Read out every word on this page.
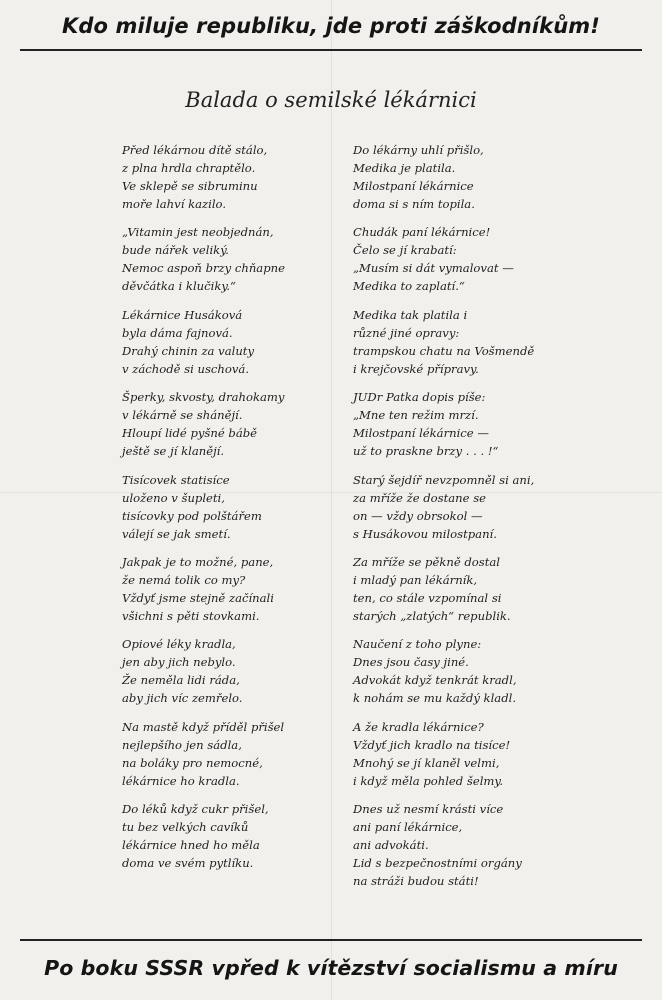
Kdo miluje republiku, jde proti záškodníkům!
Balada o semilské lékárnici
Před lékárnou dítě stálo,
z plna hrdla chraptělo.
Ve sklepě se sibruminu
moře lahví kazilo.
„Vitamin jest neobjednán,
bude nářek veliký.
Nemoc aspoň brzy chňapne
děvčátka i klučiky.“
Lékárnice Husáková
byla dáma fajnová.
Drahý chinin za valuty
v záchodě si uschová.
Šperky, skvosty, drahokamy
v lékárně se shánějí.
Hloupí lidé pyšné bábě
ještě se jí klanějí.
Tisícovek statisíce
uloženo v šupleti,
tisícovky pod polštářem
válejí se jak smetí.
Jakpak je to možné, pane,
že nemá tolik co my?
Vždyť jsme stejně začínali
všichni s pěti stovkami.
Opiové léky kradla,
jen aby jich nebylo.
Že neměla lidi ráda,
aby jich víc zemřelo.
Na mastě když příděl přišel
nejlepšího jen sádla,
na boláky pro nemocné,
lékárnice ho kradla.
Do léků když cukr přišel,
tu bez velkých cavíků
lékárnice hned ho měla
doma ve svém pytlíku.
Do lékárny uhlí přišlo,
Medika je platila.
Milostpaní lékárnice
doma si s ním topila.
Chudák paní lékárnice!
Čelo se jí krabatí:
„Musím si dát vymalovat —
Medika to zaplatí.“
Medika tak platila i
různé jiné opravy:
trampskou chatu na Vošmendě
i krejčovské přípravy.
JUDr Patka dopis píše:
„Mne ten režim mrzí.
Milostpaní lékárnice —
už to praskne brzy . . . !“
Starý šejdíř nevzpomněl si ani,
za mříže že dostane se
on — vždy obrsokol —
s Husákovou milostpaní.
Za mříže se pěkně dostal
i mladý pan lékárník,
ten, co stále vzpomínal si
starých „zlatých“ republik.
Naučení z toho plyne:
Dnes jsou časy jiné.
Advokát když tenkrát kradl,
k nohám se mu každý kladl.
A že kradla lékárnice?
Vždyť jich kradlo na tisíce!
Mnohý se jí klaněl velmi,
i když měla pohled šelmy.
Dnes už nesmí krásti více
ani paní lékárnice,
ani advokáti.
Lid s bezpečnostními orgány
na stráži budou státi!
Po boku SSSR vpřed k vítězství socialismu a míru
